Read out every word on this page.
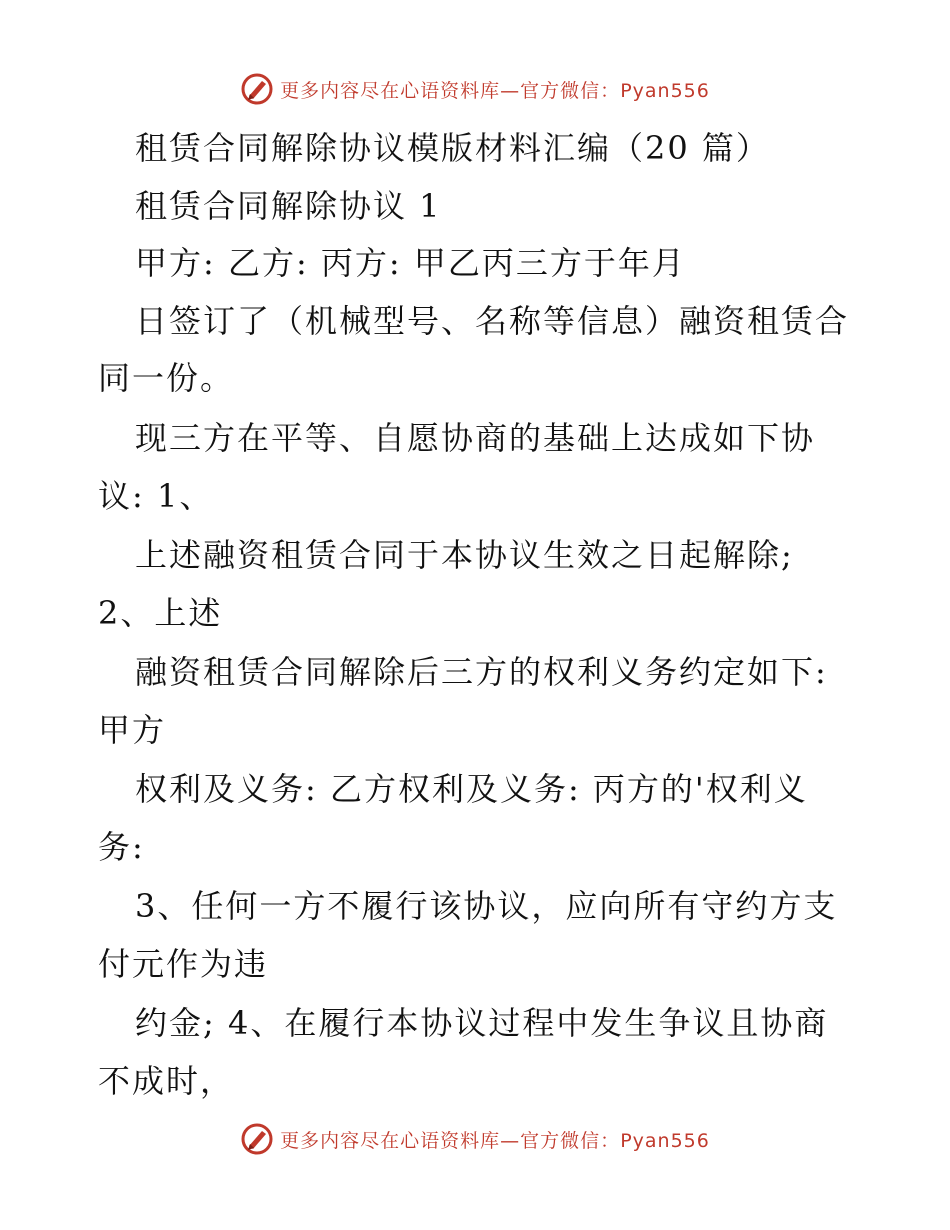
更多内容尽在心语资料库—官方微信：Pyan556
租赁合同解除协议模版材料汇编（20 篇）
租赁合同解除协议 1
甲方: 乙方: 丙方: 甲乙丙三方于年月
日签订了（机械型号、名称等信息）融资租赁合
同一份。
现三方在平等、自愿协商的基础上达成如下协
议: 1、
上述融资租赁合同于本协议生效之日起解除;
2、上述
融资租赁合同解除后三方的权利义务约定如下:
甲方
权利及义务: 乙方权利及义务: 丙方的'权利义
务:
3、任何一方不履行该协议，应向所有守约方支
付元作为违
约金; 4、在履行本协议过程中发生争议且协商
不成时，
更多内容尽在心语资料库—官方微信：Pyan556
